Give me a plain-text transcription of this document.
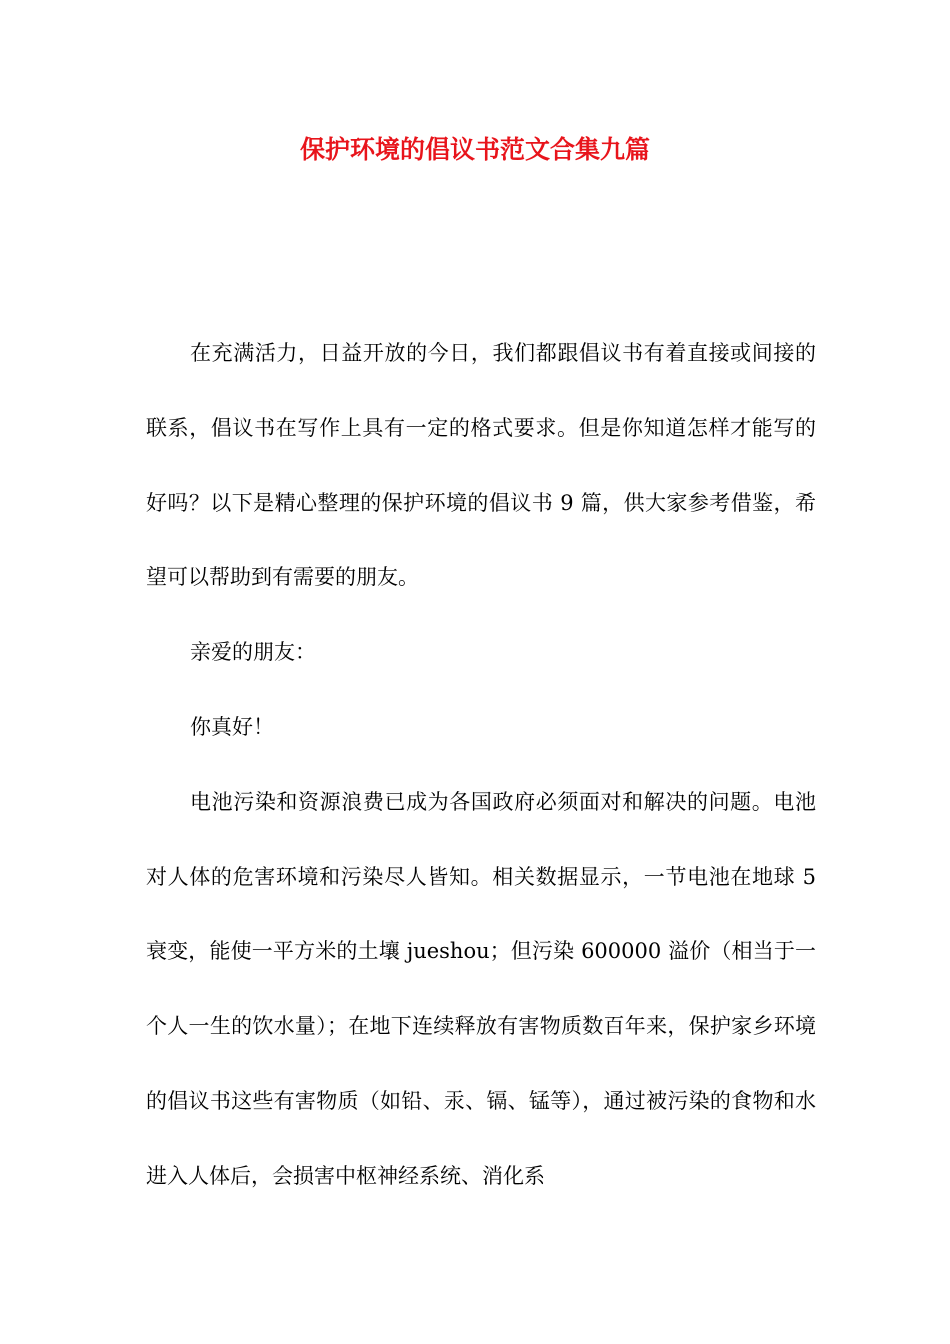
保护环境的倡议书范文合集九篇

在充满活力，日益开放的今日，我们都跟倡议书有着直接或间接的联系，倡议书在写作上具有一定的格式要求。但是你知道怎样才能写的好吗？以下是精心整理的保护环境的倡议书 9 篇，供大家参考借鉴，希望可以帮助到有需要的朋友。

亲爱的朋友：

你真好！

电池污染和资源浪费已成为各国政府必须面对和解决的问题。电池对人体的危害环境和污染尽人皆知。相关数据显示，一节电池在地球 5 衰变，能使一平方米的土壤 jueshou；但污染 600000 溢价（相当于一个人一生的饮水量）；在地下连续释放有害物质数百年来，保护家乡环境的倡议书这些有害物质（如铅、汞、镉、锰等），通过被污染的食物和水进入人体后，会损害中枢神经系统、消化系
